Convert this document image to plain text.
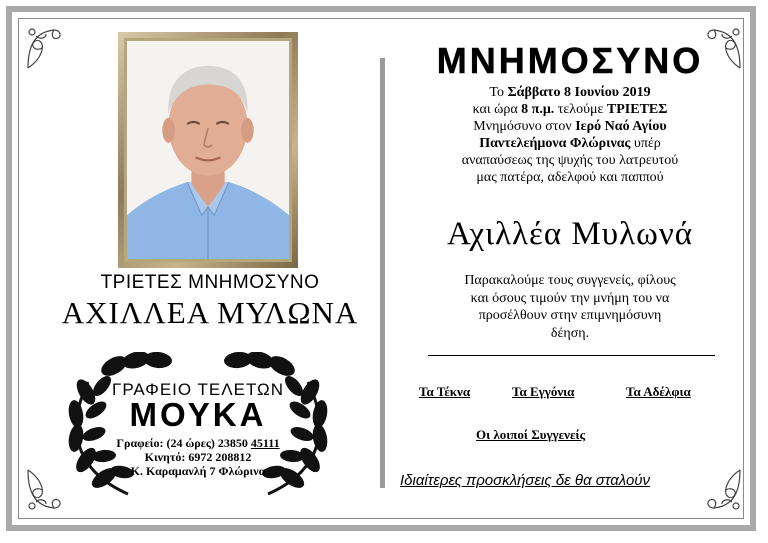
ΤΡΙΕΤΕΣ ΜΝΗΜΟΣΥΝΟ
ΑΧΙΛΛΕΑ ΜΥΛΩΝΑ
ΓΡΑΦΕΙΟ ΤΕΛΕΤΩΝ
ΜΟΥΚΑ
Γραφείο: (24 ώρες) 23850 45111
Κινητό: 6972 208812
Κ. Καραμανλή 7 Φλώρινα
ΜΝΗΜΟΣΥΝΟ
Το Σάββατο 8 Ιουνίου 2019
και ώρα 8 π.μ. τελούμε ΤΡΙΕΤΕΣ
Μνημόσυνο στον Ιερό Ναό Αγίου
Παντελεήμονα Φλώρινας υπέρ
αναπαύσεως της ψυχής του λατρευτού
μας πατέρα, αδελφού και παππού
Αχιλλέα Μυλωνά
Παρακαλούμε τους συγγενείς, φίλους
και όσους τιμούν την μνήμη του να
προσέλθουν στην επιμνημόσυνη
δέηση.
Τα Τέκνα	Τα Εγγόνια	Τα Αδέλφια
Οι λοιποί Συγγενείς
Ιδιαίτερες προσκλήσεις δε θα σταλούν
